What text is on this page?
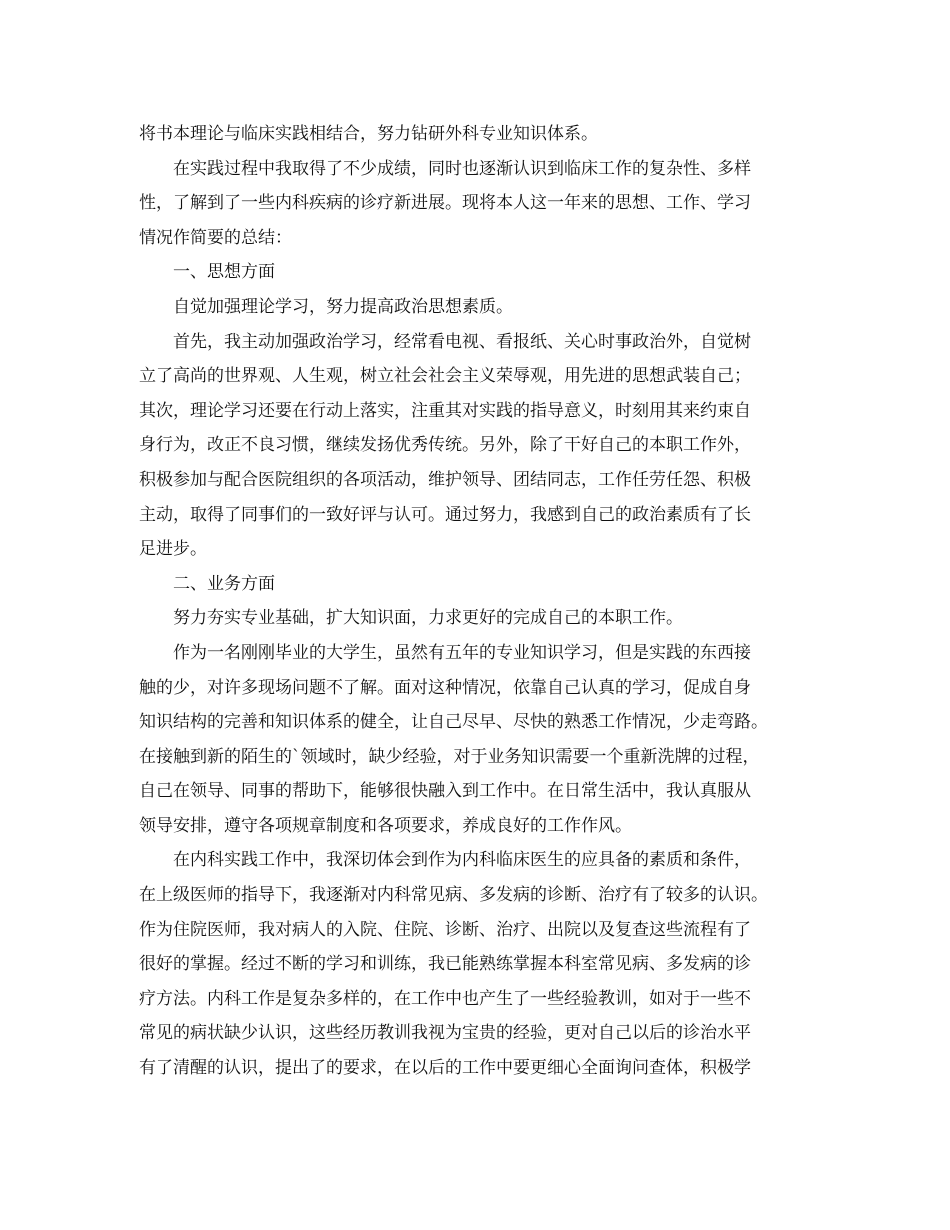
将书本理论与临床实践相结合，努力钻研外科专业知识体系。
在实践过程中我取得了不少成绩，同时也逐渐认识到临床工作的复杂性、多样
性，了解到了一些内科疾病的诊疗新进展。现将本人这一年来的思想、工作、学习
情况作简要的总结：
一、思想方面
自觉加强理论学习，努力提高政治思想素质。
首先，我主动加强政治学习，经常看电视、看报纸、关心时事政治外，自觉树
立了高尚的世界观、人生观，树立社会社会主义荣辱观，用先进的思想武装自己；
其次，理论学习还要在行动上落实，注重其对实践的指导意义，时刻用其来约束自
身行为，改正不良习惯，继续发扬优秀传统。另外，除了干好自己的本职工作外，
积极参加与配合医院组织的各项活动，维护领导、团结同志，工作任劳任怨、积极
主动，取得了同事们的一致好评与认可。通过努力，我感到自己的政治素质有了长
足进步。
二、业务方面
努力夯实专业基础，扩大知识面，力求更好的完成自己的本职工作。
作为一名刚刚毕业的大学生，虽然有五年的专业知识学习，但是实践的东西接
触的少，对许多现场问题不了解。面对这种情况，依靠自己认真的学习，促成自身
知识结构的完善和知识体系的健全，让自己尽早、尽快的熟悉工作情况，少走弯路。
在接触到新的陌生的`领域时，缺少经验，对于业务知识需要一个重新洗牌的过程，
自己在领导、同事的帮助下，能够很快融入到工作中。在日常生活中，我认真服从
领导安排，遵守各项规章制度和各项要求，养成良好的工作作风。
在内科实践工作中，我深切体会到作为内科临床医生的应具备的素质和条件，
在上级医师的指导下，我逐渐对内科常见病、多发病的诊断、治疗有了较多的认识。
作为住院医师，我对病人的入院、住院、诊断、治疗、出院以及复查这些流程有了
很好的掌握。经过不断的学习和训练，我已能熟练掌握本科室常见病、多发病的诊
疗方法。内科工作是复杂多样的，在工作中也产生了一些经验教训，如对于一些不
常见的病状缺少认识，这些经历教训我视为宝贵的经验，更对自己以后的诊治水平
有了清醒的认识，提出了的要求，在以后的工作中要更细心全面询问查体，积极学
